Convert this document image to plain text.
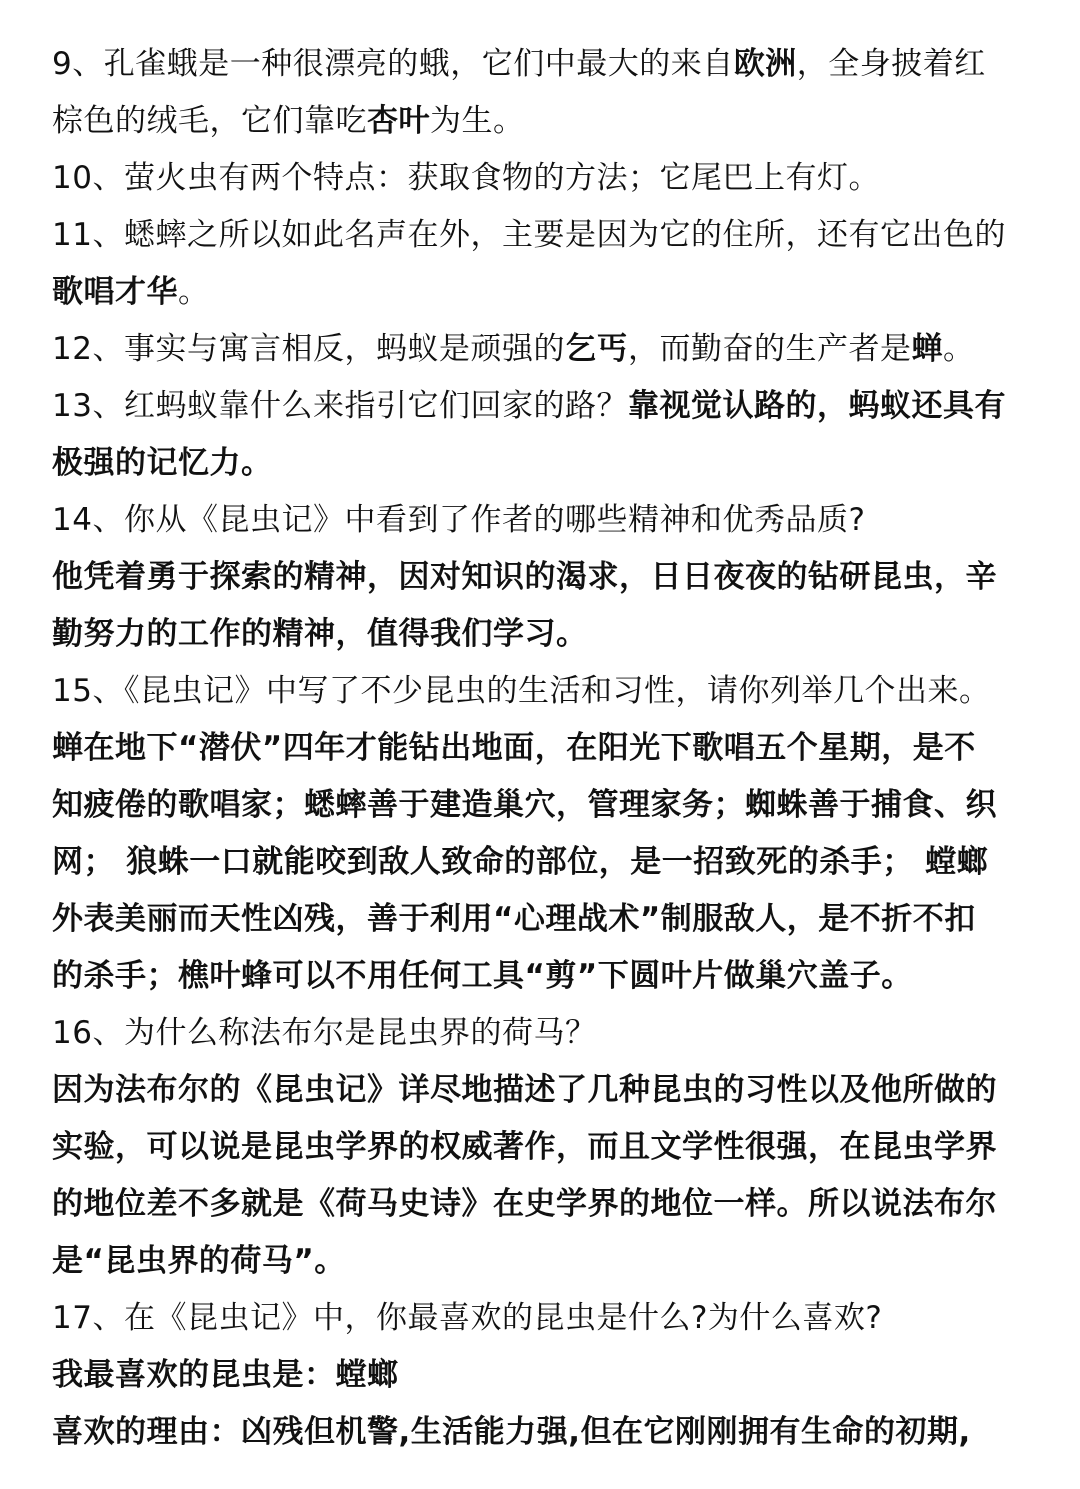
9、孔雀蛾是一种很漂亮的蛾，它们中最大的来自欧洲，全身披着红
棕色的绒毛，它们靠吃杏叶为生。
10、萤火虫有两个特点：获取食物的方法；它尾巴上有灯。
11、蟋蟀之所以如此名声在外，主要是因为它的住所，还有它出色的
歌唱才华。
12、事实与寓言相反，蚂蚁是顽强的乞丐，而勤奋的生产者是蝉。
13、红蚂蚁靠什么来指引它们回家的路？靠视觉认路的，蚂蚁还具有
极强的记忆力。
14、你从《昆虫记》中看到了作者的哪些精神和优秀品质?
他凭着勇于探索的精神，因对知识的渴求，日日夜夜的钻研昆虫，辛
勤努力的工作的精神，值得我们学习。
15、《昆虫记》中写了不少昆虫的生活和习性，请你列举几个出来。
蝉在地下“潜伏”四年才能钻出地面，在阳光下歌唱五个星期，是不
知疲倦的歌唱家；蟋蟀善于建造巢穴，管理家务；蜘蛛善于捕食、织
网； 狼蛛一口就能咬到敌人致命的部位，是一招致死的杀手； 螳螂
外表美丽而天性凶残，善于利用“心理战术”制服敌人，是不折不扣
的杀手；樵叶蜂可以不用任何工具“剪”下圆叶片做巢穴盖子。
16、为什么称法布尔是昆虫界的荷马？
因为法布尔的《昆虫记》详尽地描述了几种昆虫的习性以及他所做的
实验，可以说是昆虫学界的权威著作，而且文学性很强，在昆虫学界
的地位差不多就是《荷马史诗》在史学界的地位一样。所以说法布尔
是“昆虫界的荷马”。
17、在《昆虫记》中，你最喜欢的昆虫是什么?为什么喜欢?
我最喜欢的昆虫是：螳螂
喜欢的理由：凶残但机警,生活能力强,但在它刚刚拥有生命的初期,
